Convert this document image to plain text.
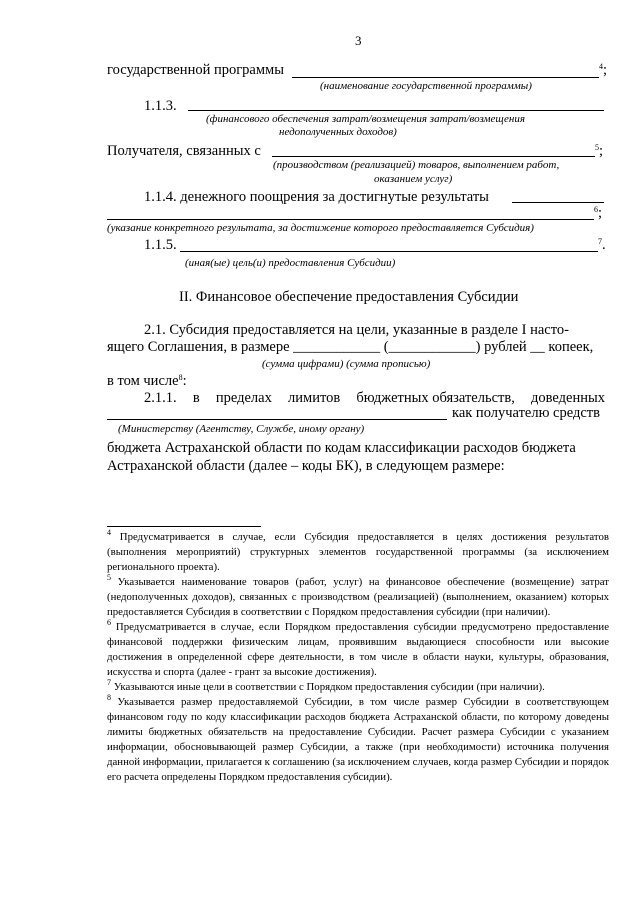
3
государственной программы	$^4$;
(наименование государственной программы)
1.1.3.
(финансового обеспечения затрат/возмещения затрат/возмещения
недополученных доходов)
Получателя, связанных с	$^5$;
(производством (реализацией) товаров, выполнением работ,
оказанием услуг)
1.1.4. денежного поощрения за достигнутые результаты
$^6$;
(указание конкретного результата, за достижение которого предоставляется Субсидия)
1.1.5.	$^7$.
(иная(ые) цель(и) предоставления Субсидии)
II. Финансовое обеспечение предоставления Субсидии
2.1. Субсидия предоставляется на цели, указанные в разделе I насто-
ящего Соглашения, в размере ____________ (____________) рублей __ копеек,
(сумма цифрами) (сумма прописью)
в том числе$^8$:
2.1.1. в пределах лимитов бюджетных обязательств, доведенных
как получателю средств
(Министерству (Агентству, Службе, иному органу)
бюджета Астраханской области по кодам классификации расходов бюджета
Астраханской области (далее – коды БК), в следующем размере:

$^4$ Предусматривается в случае, если Субсидия предоставляется в целях достижения результатов (выполнения мероприятий) структурных элементов государственной программы (за исключением регионального проекта).

$^5$ Указывается наименование товаров (работ, услуг) на финансовое обеспечение (возмещение) затрат (недополученных доходов), связанных с производством (реализацией) (выполнением, оказанием) которых предоставляется Субсидия в соответствии с Порядком предоставления субсидии (при наличии).

$^6$ Предусматривается в случае, если Порядком предоставления субсидии предусмотрено предоставление финансовой поддержки физическим лицам, проявившим выдающиеся способности или высокие достижения в определенной сфере деятельности, в том числе в области науки, культуры, образования, искусства и спорта (далее - грант за высокие достижения).

$^7$ Указываются иные цели в соответствии с Порядком предоставления субсидии (при наличии).

$^8$ Указывается размер предоставляемой Субсидии, в том числе размер Субсидии в соответствующем финансовом году по коду классификации расходов бюджета Астраханской области, по которому доведены лимиты бюджетных обязательств на предоставление Субсидии. Расчет размера Субсидии с указанием информации, обосновывающей размер Субсидии, а также (при необходимости) источника получения данной информации, прилагается к соглашению (за исключением случаев, когда размер Субсидии и порядок его расчета определены Порядком предоставления субсидии).
